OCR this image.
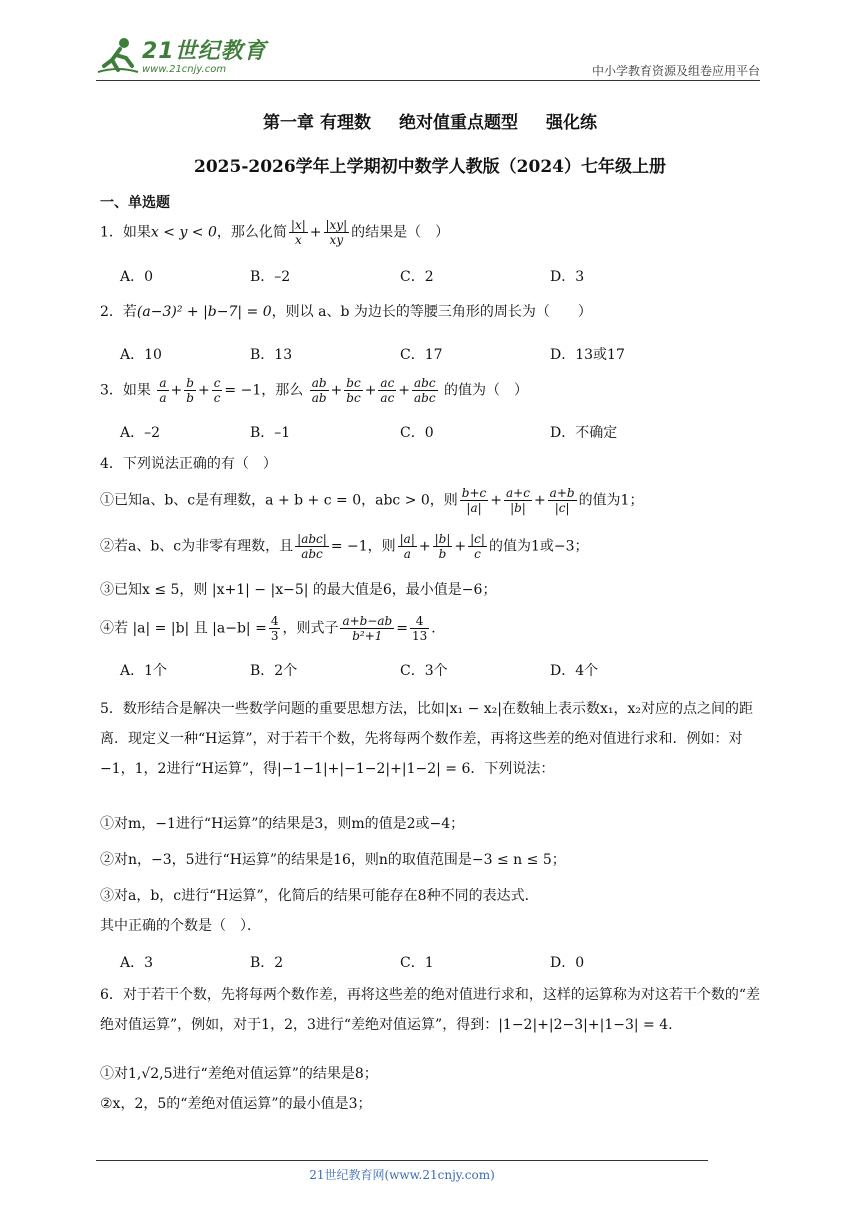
21世纪教育
www.21cnjy.com	中小学教育资源及组卷应用平台
第一章 有理数 绝对值重点题型 强化练
2025-2026学年上学期初中数学人教版（2024）七年级上册
一、单选题
1．如果x < y < 0，那么化简 $\frac{|x|}{x} + \frac{|xy|}{xy}$ 的结果是（　）
A．0	B．–2	C．2	D．3
2．若(a−3)² + |b−7| = 0，则以 a、b 为边长的等腰三角形的周长为（　　）
A．10	B．13	C．17	D．13或17
3．如果 $\frac{a}{a} + \frac{b}{b} + \frac{c}{c} = -1$，那么 $\frac{ab}{ab} + \frac{bc}{bc} + \frac{ac}{ac} + \frac{\text{abc}}{\text{abc}}$ 的值为（　）
A．–2	B．–1	C．0	D．不确定
4．下列说法正确的有（　）
①已知a、b、c是有理数，a + b + c = 0，abc > 0，则 $\frac{b+c}{|a|} + \frac{a+c}{|b|} + \frac{a+b}{|c|}$ 的值为1；
②若a、b、c为非零有理数，且 $\frac{\text{|abc|}}{\text{abc}} = -1$，则 $\frac{|a|}{a} + \frac{|b|}{b} + \frac{|c|}{c}$ 的值为1或−3；
③已知x ≤ 5，则 |x+1| − |x−5| 的最大值是6，最小值是−6；
④若 |a| = |b| 且 $|a-b| = \frac{4}{3}$ ，则式子 $\frac{a+b-ab}{\text{b²+1}} = \frac{4}{13}$ ．
A．1个	B．2个	C．3个	D．4个
5．数形结合是解决一些数学问题的重要思想方法，比如|x₁ − x₂|在数轴上表示数x₁，x₂对应的点之间的距离．现定义一种“H运算”，对于若干个数，先将每两个数作差，再将这些差的绝对值进行求和．例如：对−1，1，2进行“H运算”，得|−1−1|+|−1−2|+|1−2| = 6．下列说法：
①对m，−1进行“H运算”的结果是3，则m的值是2或−4；
②对n，−3，5进行“H运算”的结果是16，则n的取值范围是−3 ≤ n ≤ 5；
③对a，b，c进行“H运算”，化简后的结果可能存在8种不同的表达式．
其中正确的个数是（　）．
A．3	B．2	C．1	D．0
6．对于若干个数，先将每两个数作差，再将这些差的绝对值进行求和，这样的运算称为对这若干个数的“差绝对值运算”，例如，对于1，2，3进行“差绝对值运算”，得到：|1−2|+|2−3|+|1−3| = 4.
①对1,√2,5进行“差绝对值运算”的结果是8；
②x，2，5的“差绝对值运算”的最小值是3；
21世纪教育网(www.21cnjy.com)
